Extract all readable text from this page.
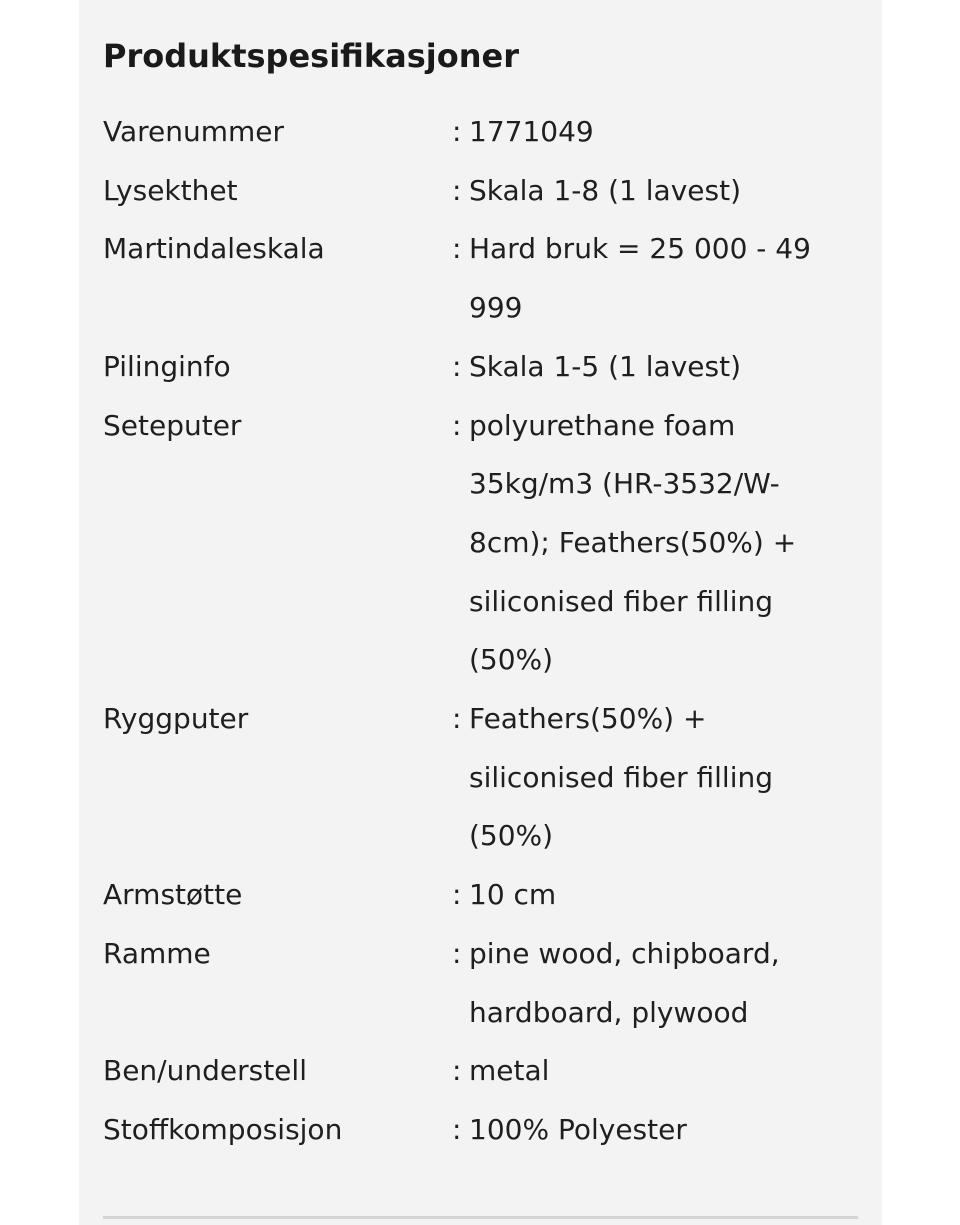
Produktspesifikasjoner
Varenummer	: 1771049
Lysekthet	: Skala 1-8 (1 lavest)
Martindaleskala	: Hard bruk = 25 000 - 49 999
Pilinginfo	: Skala 1-5 (1 lavest)
Seteputer	: polyurethane foam 35kg/m3 (HR-3532/W-8cm); Feathers(50%) + siliconised fiber filling (50%)
Ryggputer	: Feathers(50%) + siliconised fiber filling (50%)
Armstøtte	: 10 cm
Ramme	: pine wood, chipboard, hardboard, plywood
Ben/understell	: metal
Stoffkomposisjon	: 100% Polyester
